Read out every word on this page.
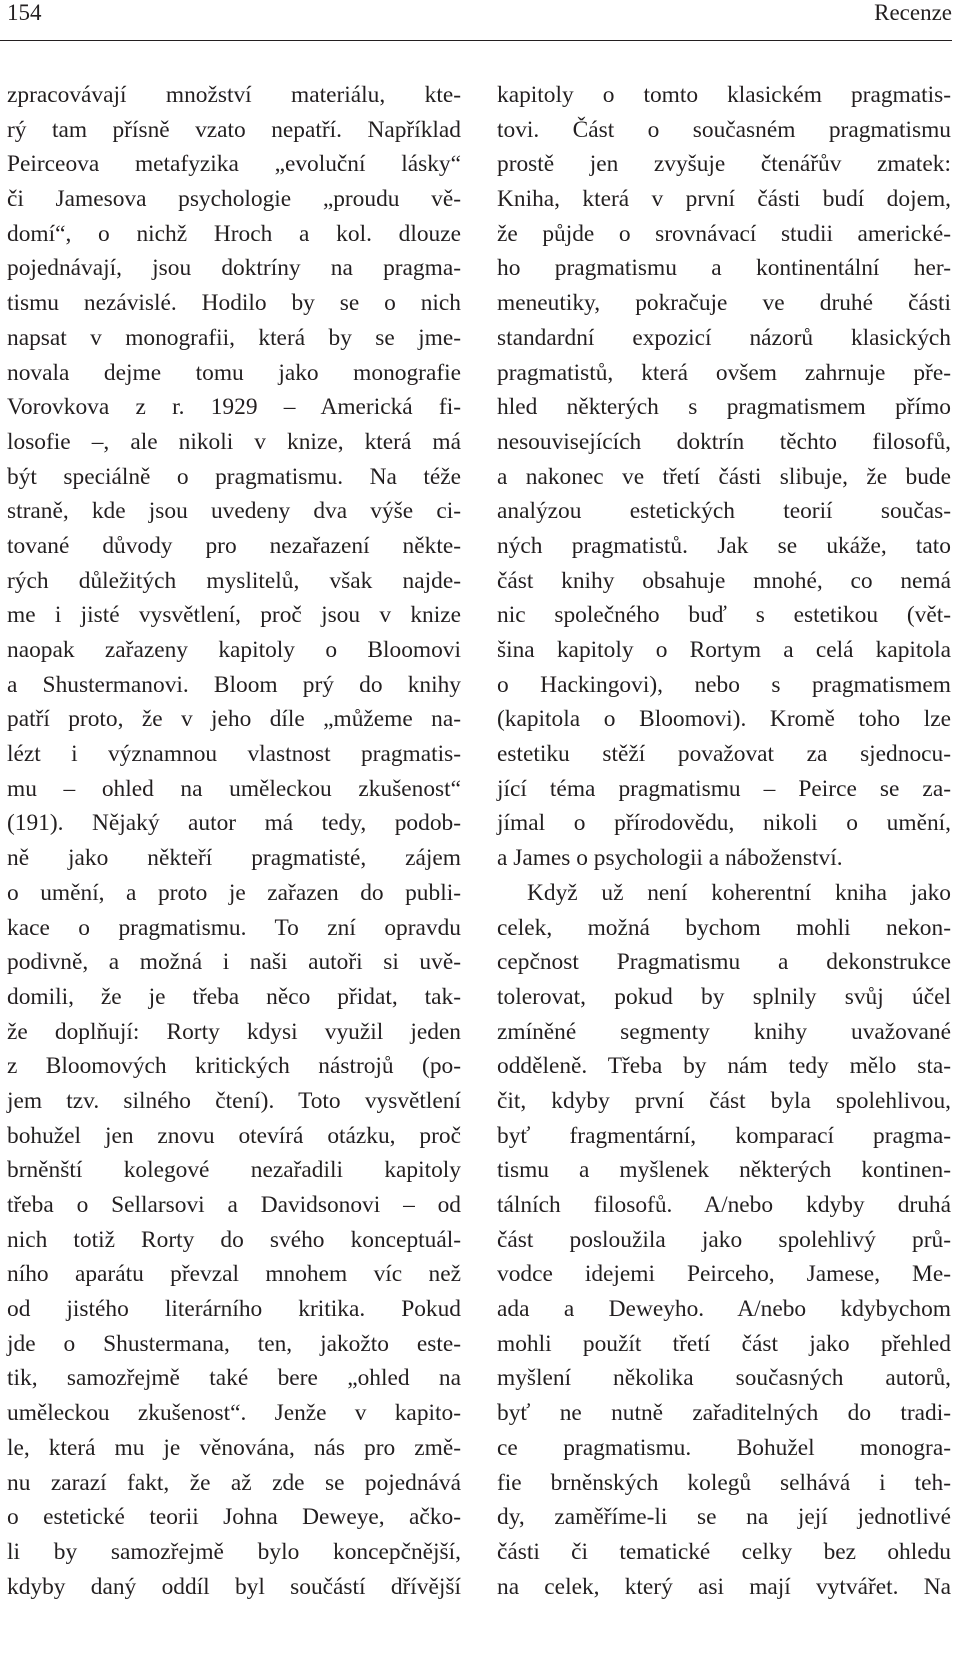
154	Recenze
zpracovávají množství materiálu, kte-
rý tam přísně vzato nepatří. Například
Peirceova metafyzika „evoluční lásky“
či Jamesova psychologie „proudu vě-
domí“, o nichž Hroch a kol. dlouze
pojednávají, jsou doktríny na pragma-
tismu nezávislé. Hodilo by se o nich
napsat v monografii, která by se jme-
novala dejme tomu jako monografie
Vorovkova z r. 1929 – Americká fi-
losofie –, ale nikoli v knize, která má
být speciálně o pragmatismu. Na téže
straně, kde jsou uvedeny dva výše ci-
tované důvody pro nezařazení někte-
rých důležitých myslitelů, však najde-
me i jisté vysvětlení, proč jsou v knize
naopak zařazeny kapitoly o Bloomovi
a Shustermanovi. Bloom prý do knihy
patří proto, že v jeho díle „můžeme na-
lézt i významnou vlastnost pragmatis-
mu – ohled na uměleckou zkušenost“
(191). Nějaký autor má tedy, podob-
ně jako někteří pragmatisté, zájem
o umění, a proto je zařazen do publi-
kace o pragmatismu. To zní opravdu
podivně, a možná i naši autoři si uvě-
domili, že je třeba něco přidat, tak-
že doplňují: Rorty kdysi využil jeden
z Bloomových kritických nástrojů (po-
jem tzv. silného čtení). Toto vysvětlení
bohužel jen znovu otevírá otázku, proč
brněnští kolegové nezařadili kapitoly
třeba o Sellarsovi a Davidsonovi – od
nich totiž Rorty do svého konceptuál-
ního aparátu převzal mnohem víc než
od jistého literárního kritika. Pokud
jde o Shustermana, ten, jakožto este-
tik, samozřejmě také bere „ohled na
uměleckou zkušenost“. Jenže v kapito-
le, která mu je věnována, nás pro změ-
nu zarazí fakt, že až zde se pojednává
o estetické teorii Johna Deweye, ačko-
li by samozřejmě bylo koncepčnější,
kdyby daný oddíl byl součástí dřívější
kapitoly o tomto klasickém pragmatis-
tovi. Část o současném pragmatismu
prostě jen zvyšuje čtenářův zmatek:
Kniha, která v první části budí dojem,
že půjde o srovnávací studii americké-
ho pragmatismu a kontinentální her-
meneutiky, pokračuje ve druhé části
standardní expozicí názorů klasických
pragmatistů, která ovšem zahrnuje pře-
hled některých s pragmatismem přímo
nesouvisejících doktrín těchto filosofů,
a nakonec ve třetí části slibuje, že bude
analýzou estetických teorií součas-
ných pragmatistů. Jak se ukáže, tato
část knihy obsahuje mnohé, co nemá
nic společného buď s estetikou (vět-
šina kapitoly o Rortym a celá kapitola
o Hackingovi), nebo s pragmatismem
(kapitola o Bloomovi). Kromě toho lze
estetiku stěží považovat za sjednocu-
jící téma pragmatismu – Peirce se za-
jímal o přírodovědu, nikoli o umění,
a James o psychologii a náboženství.
Když už není koherentní kniha jako
celek, možná bychom mohli nekon-
cepčnost Pragmatismu a dekonstrukce
tolerovat, pokud by splnily svůj účel
zmíněné segmenty knihy uvažované
odděleně. Třeba by nám tedy mělo sta-
čit, kdyby první část byla spolehlivou,
byť fragmentární, komparací pragma-
tismu a myšlenek některých kontinen-
tálních filosofů. A/nebo kdyby druhá
část posloužila jako spolehlivý prů-
vodce idejemi Peirceho, Jamese, Me-
ada a Deweyho. A/nebo kdybychom
mohli použít třetí část jako přehled
myšlení několika současných autorů,
byť ne nutně zařaditelných do tradi-
ce pragmatismu. Bohužel monogra-
fie brněnských kolegů selhává i teh-
dy, zaměříme-li se na její jednotlivé
části či tematické celky bez ohledu
na celek, který asi mají vytvářet. Na
